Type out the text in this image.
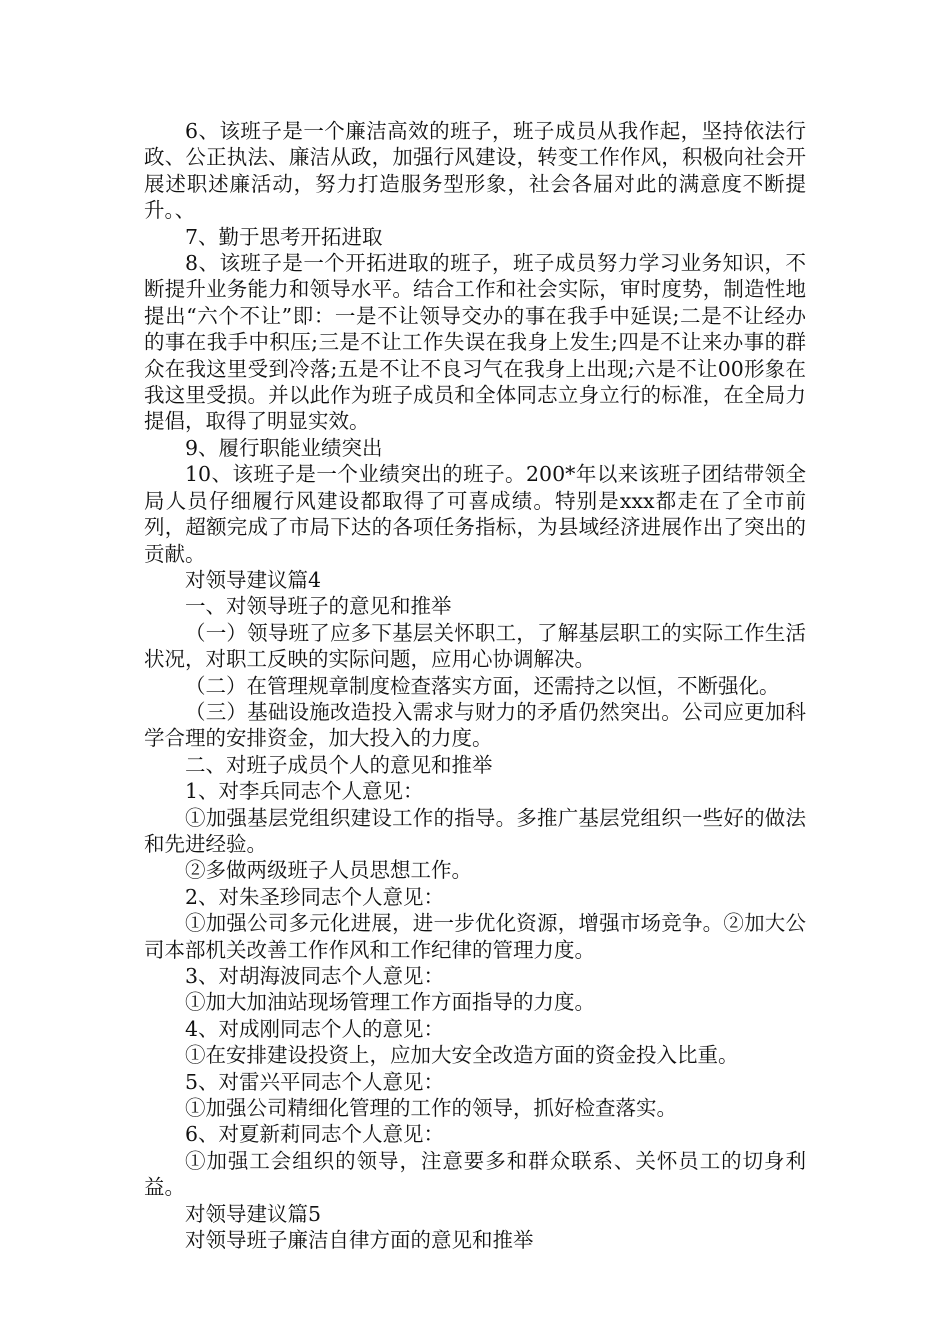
6、该班子是一个廉洁高效的班子，班子成员从我作起，坚持依法行政、公正执法、廉洁从政，加强行风建设，转变工作作风，积极向社会开展述职述廉活动，努力打造服务型形象，社会各届对此的满意度不断提升。、

7、勤于思考开拓进取

8、该班子是一个开拓进取的班子，班子成员努力学习业务知识，不断提升业务能力和领导水平。结合工作和社会实际，审时度势，制造性地提出“六个不让”即：一是不让领导交办的事在我手中延误;二是不让经办的事在我手中积压;三是不让工作失误在我身上发生;四是不让来办事的群众在我这里受到冷落;五是不让不良习气在我身上出现;六是不让00形象在我这里受损。并以此作为班子成员和全体同志立身立行的标准，在全局力提倡，取得了明显实效。

9、履行职能业绩突出

10、该班子是一个业绩突出的班子。200*年以来该班子团结带领全局人员仔细履行风建设都取得了可喜成绩。特别是xxx都走在了全市前列，超额完成了市局下达的各项任务指标，为县域经济进展作出了突出的贡献。

对领导建议篇4

一、对领导班子的意见和推举

（一）领导班了应多下基层关怀职工，了解基层职工的实际工作生活状况，对职工反映的实际问题，应用心协调解决。

（二）在管理规章制度检查落实方面，还需持之以恒，不断强化。

（三）基础设施改造投入需求与财力的矛盾仍然突出。公司应更加科学合理的安排资金，加大投入的力度。

二、对班子成员个人的意见和推举

1、对李兵同志个人意见：

①加强基层党组织建设工作的指导。多推广基层党组织一些好的做法和先进经验。

②多做两级班子人员思想工作。

2、对朱圣珍同志个人意见：

①加强公司多元化进展，进一步优化资源，增强市场竞争。②加大公司本部机关改善工作作风和工作纪律的管理力度。

3、对胡海波同志个人意见：

①加大加油站现场管理工作方面指导的力度。

4、对成刚同志个人的意见：

①在安排建设投资上，应加大安全改造方面的资金投入比重。

5、对雷兴平同志个人意见：

①加强公司精细化管理的工作的领导，抓好检查落实。

6、对夏新莉同志个人意见：

①加强工会组织的领导，注意要多和群众联系、关怀员工的切身利益。

对领导建议篇5

对领导班子廉洁自律方面的意见和推举
